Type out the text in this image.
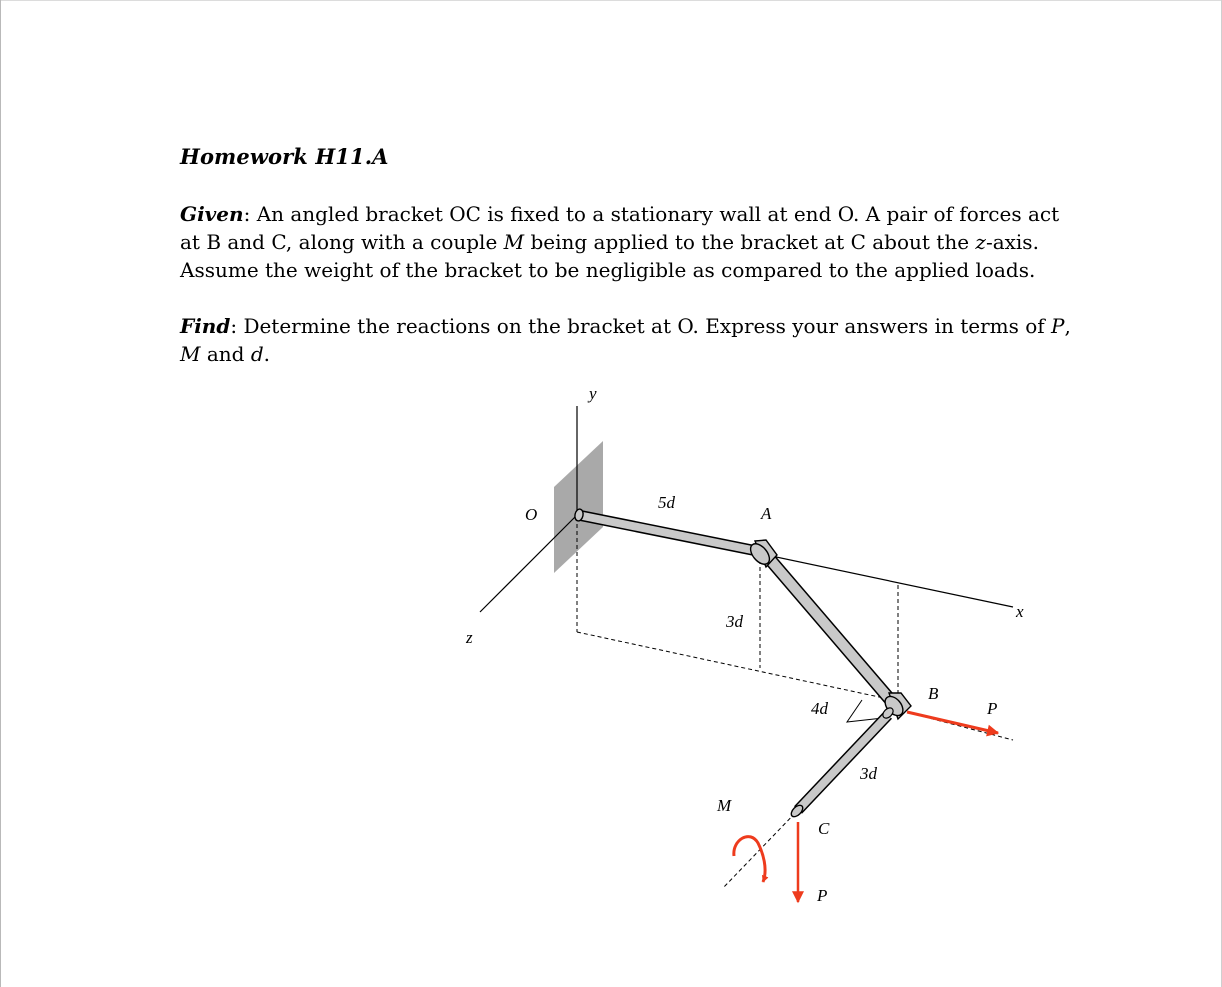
Homework H11.A
Given: An angled bracket OC is fixed to a stationary wall at end O. A pair of forces act at B and C, along with a couple M being applied to the bracket at C about the z-axis. Assume the weight of the bracket to be negligible as compared to the applied loads.
Find: Determine the reactions on the bracket at O. Express your answers in terms of P, M and d.
y
O
z
x
5d
A
3d
B
P
4d
3d
M
C
P
